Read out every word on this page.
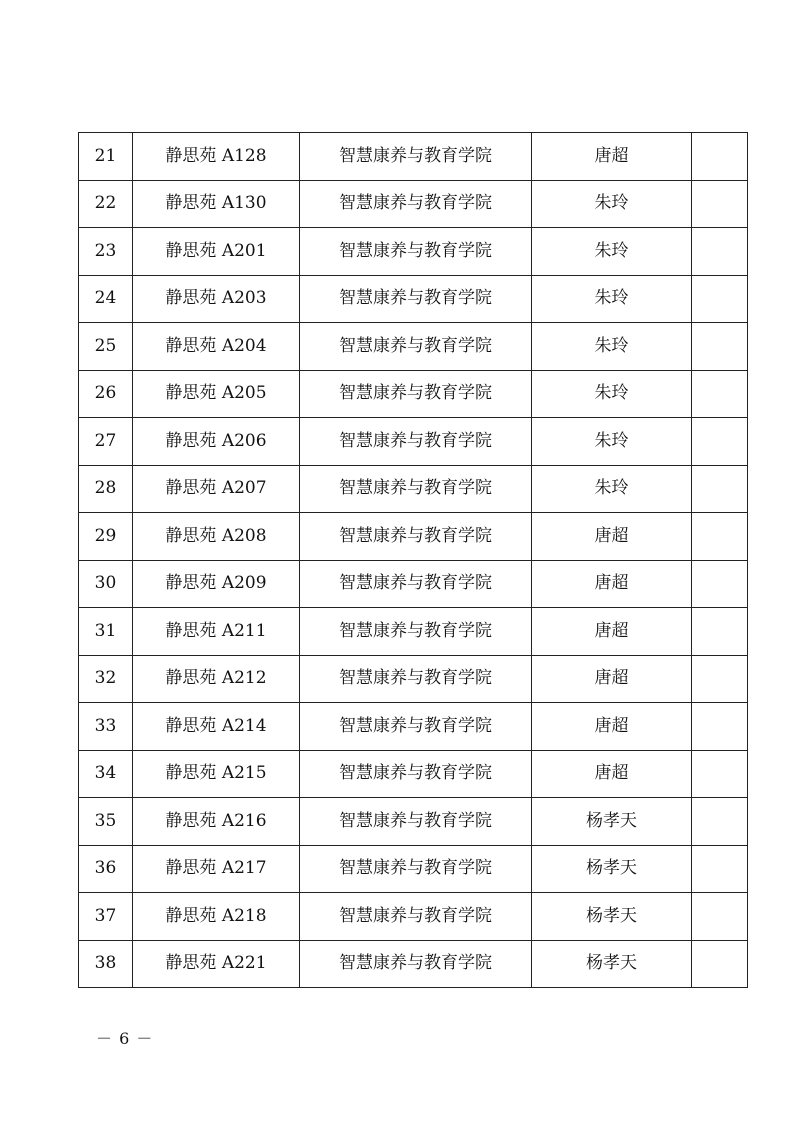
21	静思苑 A128	智慧康养与教育学院	唐超	
22	静思苑 A130	智慧康养与教育学院	朱玲	
23	静思苑 A201	智慧康养与教育学院	朱玲	
24	静思苑 A203	智慧康养与教育学院	朱玲	
25	静思苑 A204	智慧康养与教育学院	朱玲	
26	静思苑 A205	智慧康养与教育学院	朱玲	
27	静思苑 A206	智慧康养与教育学院	朱玲	
28	静思苑 A207	智慧康养与教育学院	朱玲	
29	静思苑 A208	智慧康养与教育学院	唐超	
30	静思苑 A209	智慧康养与教育学院	唐超	
31	静思苑 A211	智慧康养与教育学院	唐超	
32	静思苑 A212	智慧康养与教育学院	唐超	
33	静思苑 A214	智慧康养与教育学院	唐超	
34	静思苑 A215	智慧康养与教育学院	唐超	
35	静思苑 A216	智慧康养与教育学院	杨孝天	
36	静思苑 A217	智慧康养与教育学院	杨孝天	
37	静思苑 A218	智慧康养与教育学院	杨孝天	
38	静思苑 A221	智慧康养与教育学院	杨孝天	
－ 6 －
